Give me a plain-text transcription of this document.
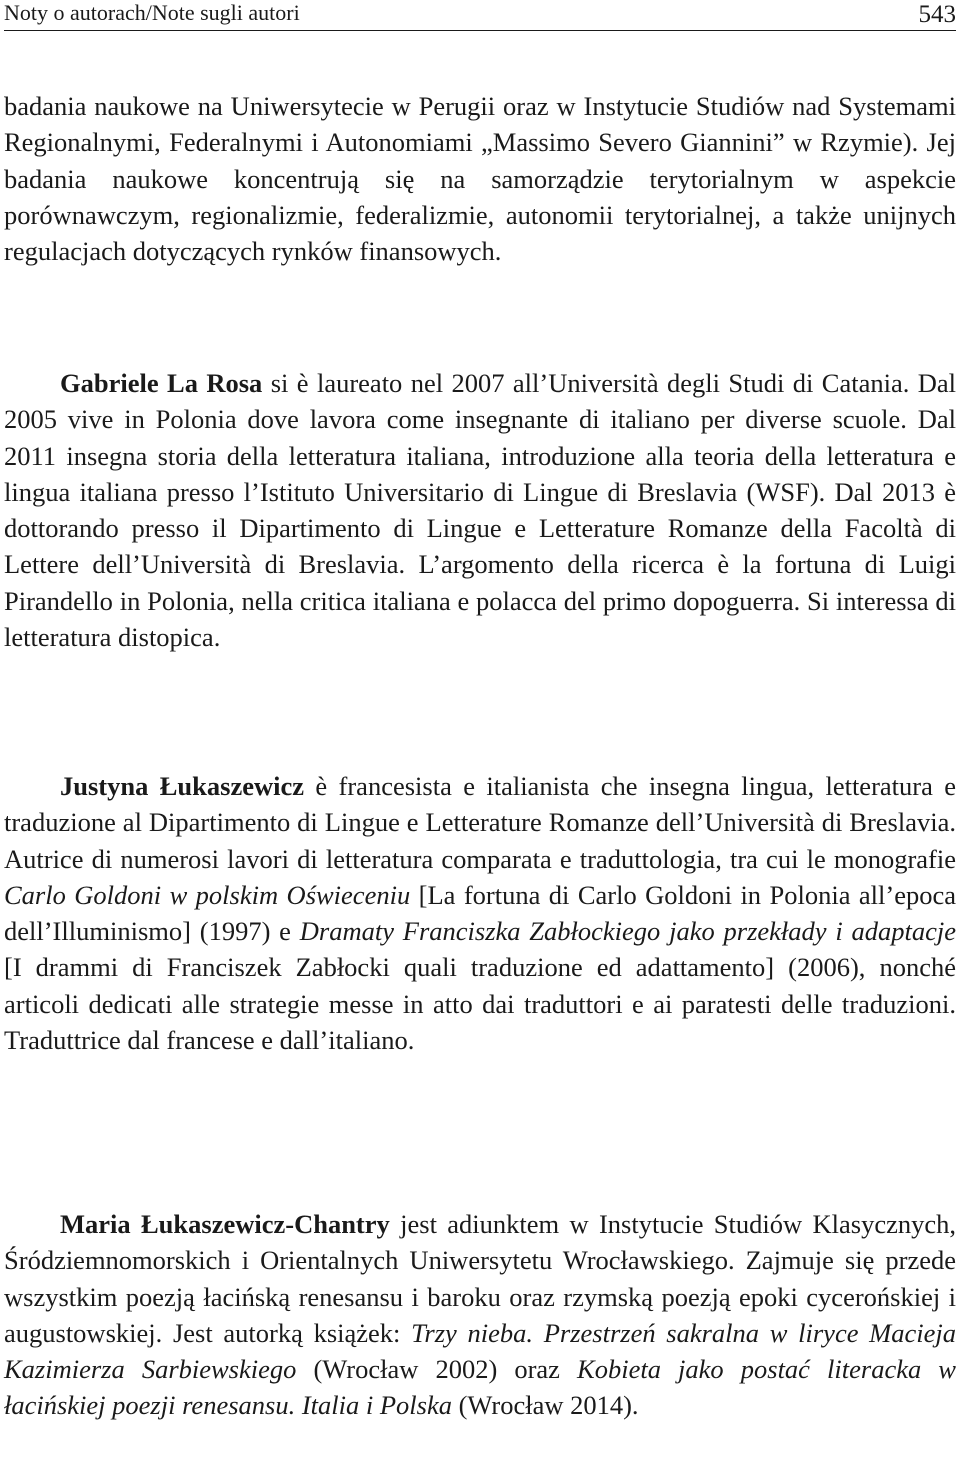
Noty o autorach/Note sugli autori	543

badania naukowe na Uniwersytecie w Perugii oraz w Instytucie Studiów nad Systemami Regionalnymi, Federalnymi i Autonomiami „Massimo Severo Giannini” w Rzymie). Jej badania naukowe koncentrują się na samorządzie terytorialnym w aspekcie porównawczym, regionalizmie, federalizmie, autonomii terytorialnej, a także unijnych regulacjach dotyczących rynków finansowych.

Gabriele La Rosa si è laureato nel 2007 all’Università degli Studi di Catania. Dal 2005 vive in Polonia dove lavora come insegnante di italiano per diverse scuole. Dal 2011 insegna storia della letteratura italiana, introduzione alla teoria della letteratura e lingua italiana presso l’Istituto Universitario di Lingue di Breslavia (WSF). Dal 2013 è dottorando presso il Dipartimento di Lingue e Letterature Romanze della Facoltà di Lettere dell’Università di Breslavia. L’argomento della ricerca è la fortuna di Luigi Pirandello in Polonia, nella critica italiana e polacca del primo dopoguerra. Si interessa di letteratura distopica.

Justyna Łukaszewicz è francesista e italianista che insegna lingua, letteratura e traduzione al Dipartimento di Lingue e Letterature Romanze dell’Università di Breslavia. Autrice di numerosi lavori di letteratura comparata e traduttologia, tra cui le monografie Carlo Goldoni w polskim Oświeceniu [La fortuna di Carlo Goldoni in Polonia all’epoca dell’Illuminismo] (1997) e Dramaty Franciszka Zabłockiego jako przekłady i adaptacje [I drammi di Franciszek Zabłocki quali traduzione ed adattamento] (2006), nonché articoli dedicati alle strategie messe in atto dai traduttori e ai paratesti delle traduzioni. Traduttrice dal francese e dall’italiano.

Maria Łukaszewicz-Chantry jest adiunktem w Instytucie Studiów Klasycznych, Śródziemnomorskich i Orientalnych Uniwersytetu Wrocławskiego. Zajmuje się przede wszystkim poezją łacińską renesansu i baroku oraz rzymską poezją epoki cycerońskiej i augustowskiej. Jest autorką książek: Trzy nieba. Przestrzeń sakralna w liryce Macieja Kazimierza Sarbiewskiego (Wrocław 2002) oraz Kobieta jako postać literacka w łacińskiej poezji renesansu. Italia i Polska (Wrocław 2014).
